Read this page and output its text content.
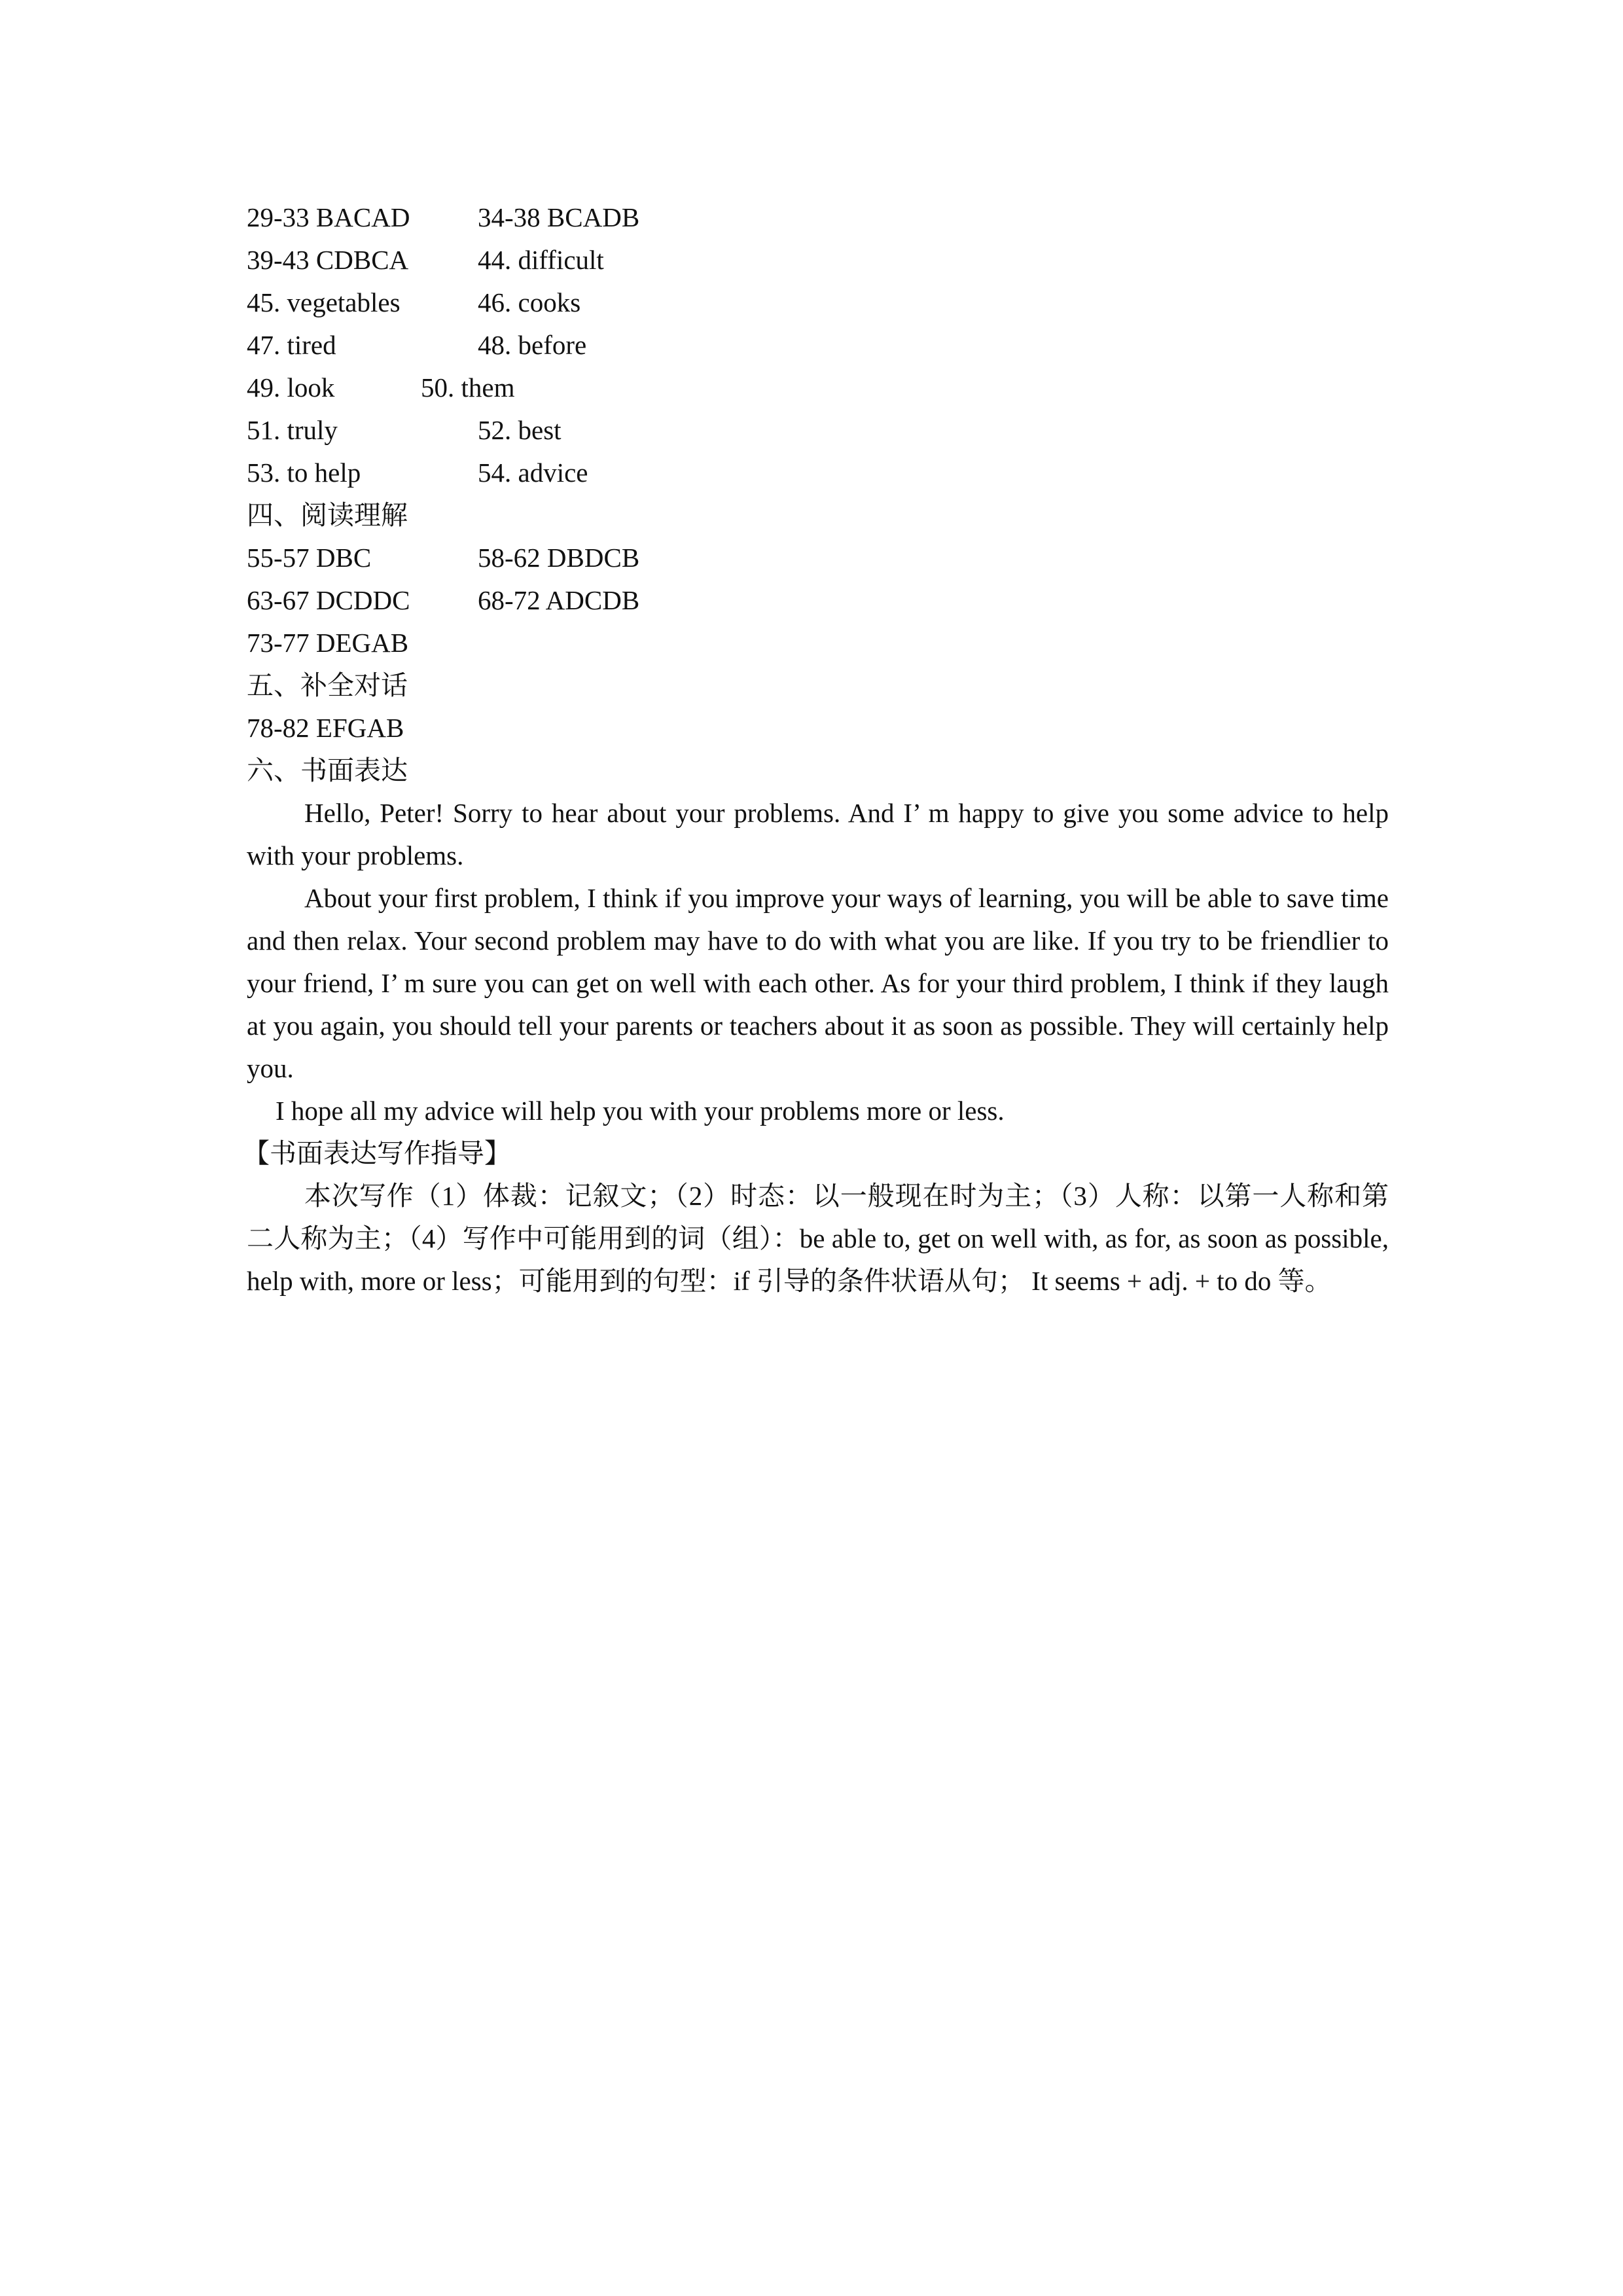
29-33 BACAD	34-38 BCADB
39-43 CDBCA	44. difficult
45. vegetables	46. cooks
47. tired	48. before
49. look	50. them
51. truly	52. best
53. to help	54. advice
四、阅读理解
55-57 DBC	58-62 DBDCB
63-67 DCDDC	68-72 ADCDB
73-77 DEGAB
五、补全对话
78-82 EFGAB
六、书面表达

Hello, Peter! Sorry to hear about your problems. And I’ m happy to give you some advice to help with your problems.

About your first problem, I think if you improve your ways of learning, you will be able to save time and then relax. Your second problem may have to do with what you are like. If you try to be friendlier to your friend, I’ m sure you can get on well with each other. As for your third problem, I think if they laugh at you again, you should tell your parents or teachers about it as soon as possible. They will certainly help you.

I hope all my advice will help you with your problems more or less.

【书面表达写作指导】

本次写作（1）体裁：记叙文；（2）时态：以一般现在时为主；（3）人称：以第一人称和第二人称为主；（4）写作中可能用到的词（组）：be able to, get on well with, as for, as soon as possible, help with, more or less；可能用到的句型：if 引导的条件状语从句； It seems + adj. + to do 等。
